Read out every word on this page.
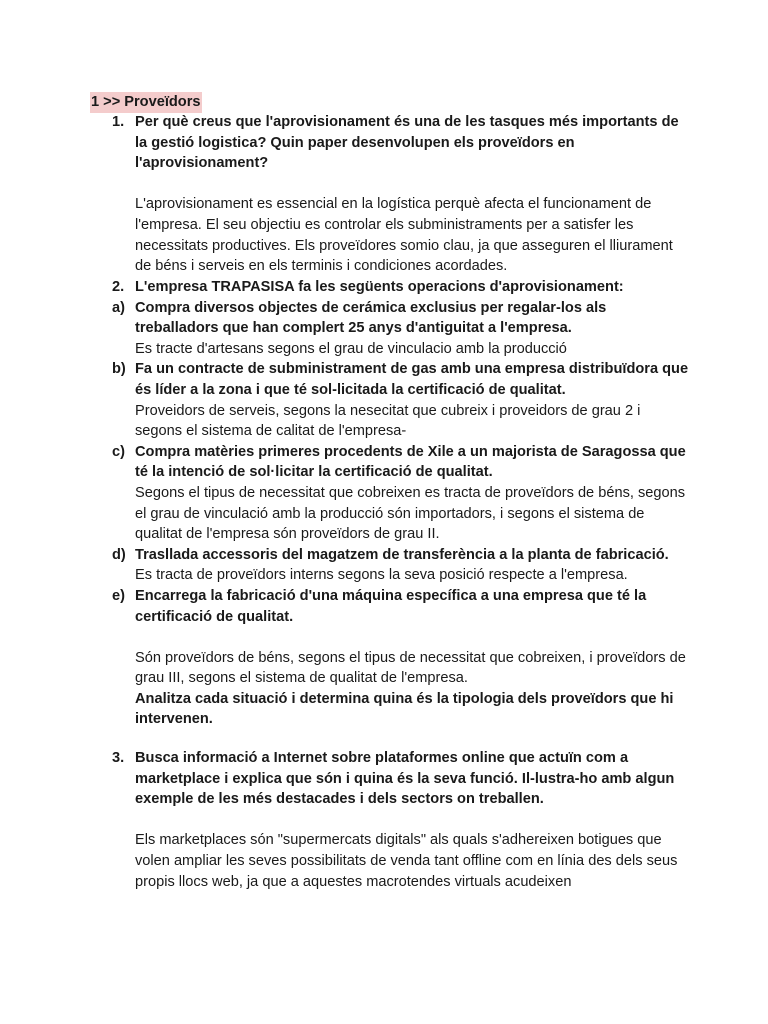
1 >> Proveïdors
1. Per què creus que l'aprovisionament és una de les tasques més importants de la gestió logistica? Quin paper desenvolupen els proveïdors en l'aprovisionament?

L'aprovisionament es essencial en la logística perquè afecta el funcionament de l'empresa. El seu objectiu es controlar els subministraments per a satisfer les necessitats productives. Els proveïdores somio clau, ja que asseguren el lliurament de béns i serveis en els terminis i condiciones acordades.

2. L'empresa TRAPASISA fa les següents operacions d'aprovisionament:

a) Compra diversos objectes de cerámica exclusius per regalar-los als treballadors que han complert 25 anys d'antiguitat a l'empresa.

Es tracte d'artesans segons el grau de vinculacio amb la producció

b) Fa un contracte de subministrament de gas amb una empresa distribuïdora que és líder a la zona i que té sol-licitada la certificació de qualitat.

Proveidors de serveis, segons la nesecitat que cubreix i proveidors de grau 2 i segons el sistema de calitat de l'empresa-

c) Compra matèries primeres procedents de Xile a un majorista de Saragossa que té la intenció de sol·licitar la certificació de qualitat.

Segons el tipus de necessitat que cobreixen es tracta de proveïdors de béns, segons el grau de vinculació amb la producció són importadors, i segons el sistema de qualitat de l'empresa són proveïdors de grau II.

d) Trasllada accessoris del magatzem de transferència a la planta de fabricació.

Es tracta de proveïdors interns segons la seva posició respecte a l'empresa.

e) Encarrega la fabricació d'una máquina específica a una empresa que té la certificació de qualitat.

Són proveïdors de béns, segons el tipus de necessitat que cobreixen, i proveïdors de grau III, segons el sistema de qualitat de l'empresa.

Analitza cada situació i determina quina és la tipologia dels proveïdors que hi intervenen.

3. Busca informació a Internet sobre plataformes online que actuïn com a marketplace i explica que són i quina és la seva funció. Il-lustra-ho amb algun exemple de les més destacades i dels sectors on treballen.

Els marketplaces són "supermercats digitals" als quals s'adhereixen botigues que volen ampliar les seves possibilitats de venda tant offline com en línia des dels seus propis llocs web, ja que a aquestes macrotendes virtuals acudeixen
